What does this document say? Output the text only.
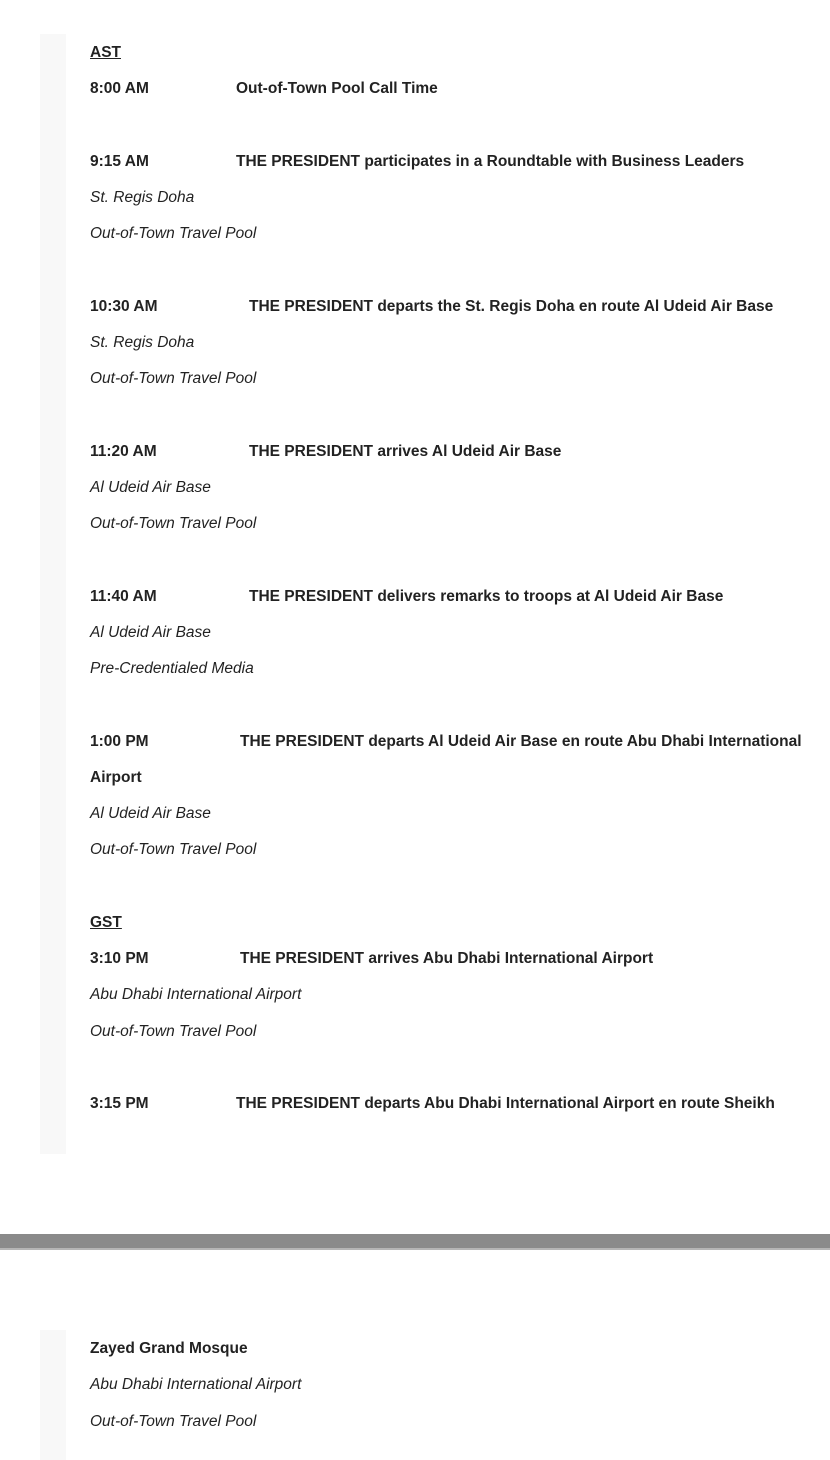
AST
8:00 AM	Out-of-Town Pool Call Time
9:15 AM	THE PRESIDENT participates in a Roundtable with Business Leaders
St. Regis Doha
Out-of-Town Travel Pool
10:30 AM	THE PRESIDENT departs the St. Regis Doha en route Al Udeid Air Base
St. Regis Doha
Out-of-Town Travel Pool
11:20 AM	THE PRESIDENT arrives Al Udeid Air Base
Al Udeid Air Base
Out-of-Town Travel Pool
11:40 AM	THE PRESIDENT delivers remarks to troops at Al Udeid Air Base
Al Udeid Air Base
Pre-Credentialed Media
1:00 PM	THE PRESIDENT departs Al Udeid Air Base en route Abu Dhabi International
Airport
Al Udeid Air Base
Out-of-Town Travel Pool
GST
3:10 PM	THE PRESIDENT arrives Abu Dhabi International Airport
Abu Dhabi International Airport
Out-of-Town Travel Pool
3:15 PM	THE PRESIDENT departs Abu Dhabi International Airport en route Sheikh
Zayed Grand Mosque
Abu Dhabi International Airport
Out-of-Town Travel Pool
